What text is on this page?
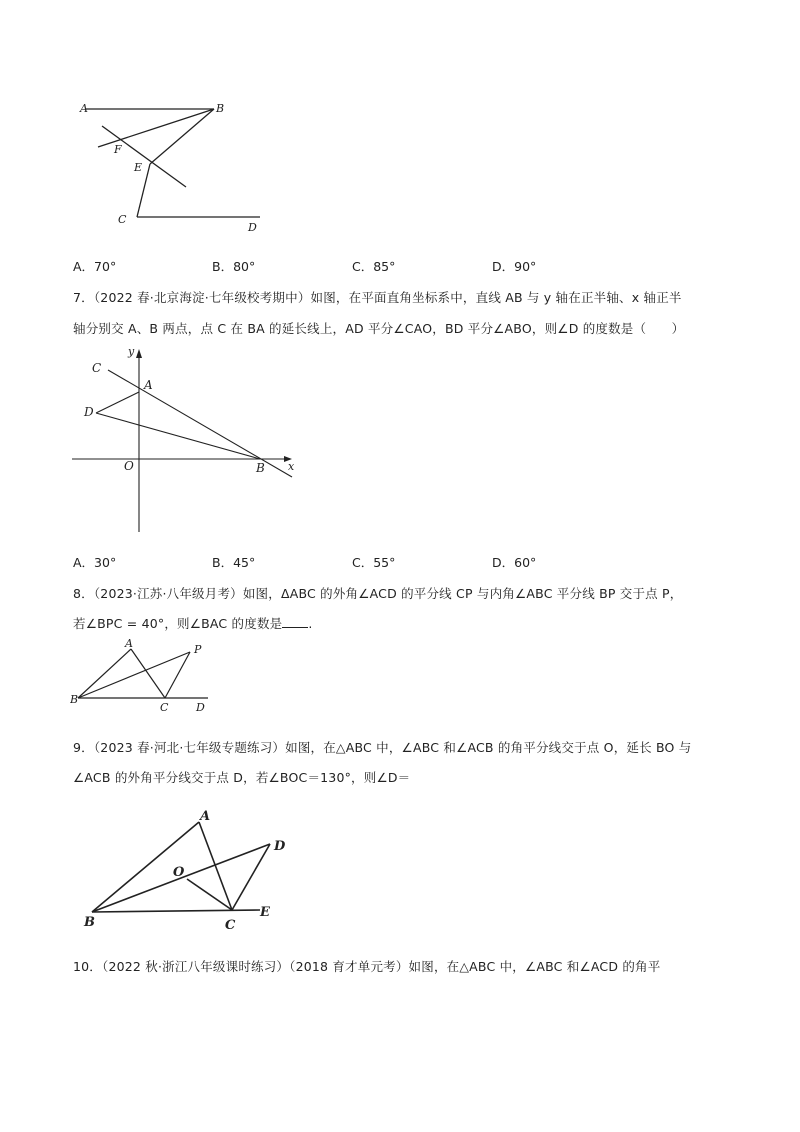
A	B
F
E
C
D
A．70°	B．80°	C．85°	D．90°
7．（2022 春·北京海淀·七年级校考期中）如图，在平面直角坐标系中，直线 AB 与 y 轴在正半轴、x 轴正半
轴分别交 A、B 两点，点 C 在 BA 的延长线上，AD 平分∠CAO，BD 平分∠ABO，则∠D 的度数是（　　）
y
C
A
D
O	B x
A．30°	B．45°	C．55°	D．60°
8．（2023·江苏·八年级月考）如图，ΔABC 的外角∠ACD 的平分线 CP 与内角∠ABC 平分线 BP 交于点 P，
若∠BPC = 40°，则∠BAC 的度数是 .
A	P
B
C	D
9．（2023 春·河北·七年级专题练习）如图，在△ABC 中，∠ABC 和∠ACB 的角平分线交于点 O，延长 BO 与
∠ACB 的外角平分线交于点 D，若∠BOC＝130°，则∠D＝
A
D
O
B	C
E
10．（2022 秋·浙江八年级课时练习）（2018 育才单元考）如图，在△ABC 中，∠ABC 和∠ACD 的角平
